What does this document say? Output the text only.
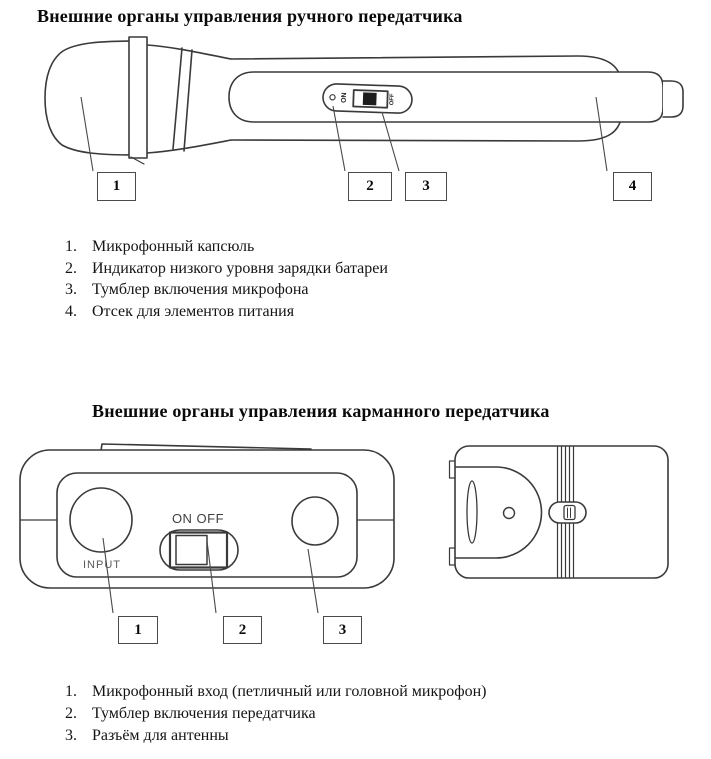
Внешние органы управления ручного передатчика
ON	OFF
1	2	3	4
1. Микрофонный капсюль
2. Индикатор низкого уровня зарядки батареи
3. Тумблер включения микрофона
4. Отсек для элементов питания
Внешние органы управления карманного передатчика
ON OFF
INPUT
1	2	3
1. Микрофонный вход (петличный или головной микрофон)
2. Тумблер включения передатчика
3. Разъём для антенны
